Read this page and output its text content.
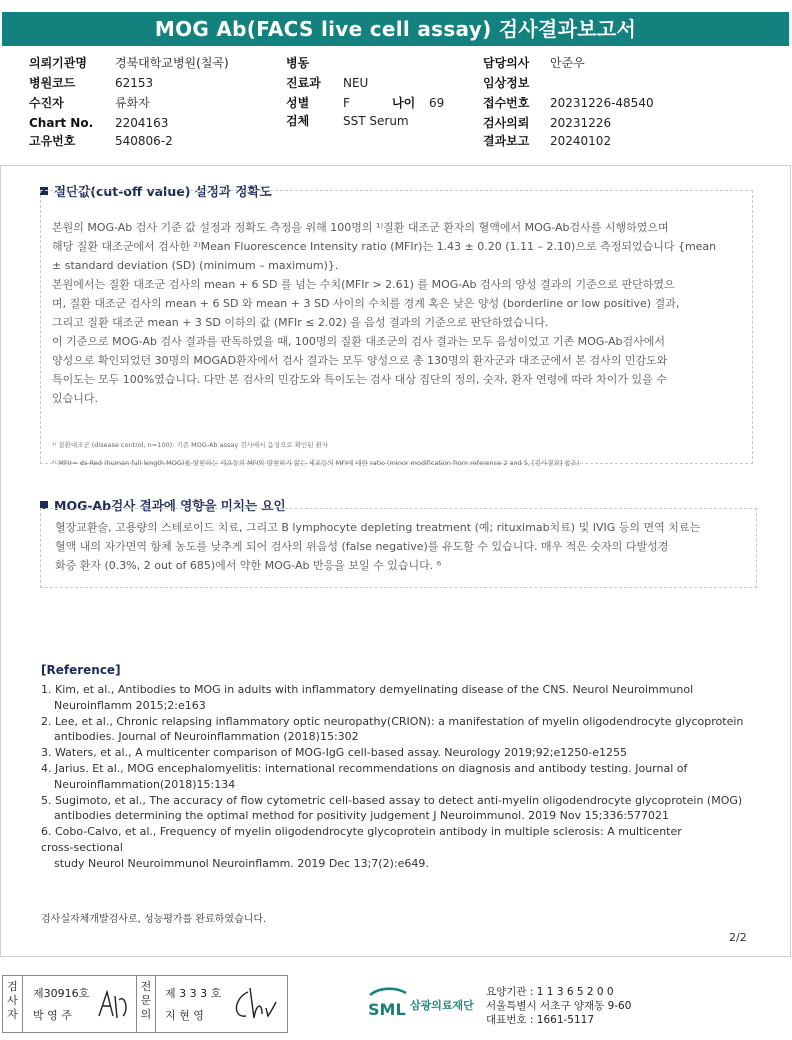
MOG Ab(FACS live cell assay) 검사결과보고서
의뢰기관명 경북대학교병원(칠곡)
병원코드	62153
수진자	류화자
Chart No. 2204163
고유번호	540806-2
병동
진료과 NEU
성별	F
검체	SST Serum
담당의사 안준우
임상정보
접수번호 20231226-48540
검사의뢰 20231226
결과보고 20240102
나이 69
절단값(cut-off value) 설정과 정확도

본원의 MOG-Ab 검사 기준 값 설정과 정확도 측정을 위해 100명의 ¹⁾질환 대조군 환자의 혈액에서 MOG-Ab검사를 시행하였으며

해당 질환 대조군에서 검사한 ²⁾Mean Fluorescence Intensity ratio (MFIr)는 1.43 ± 0.20 (1.11 – 2.10)으로 측정되었습니다 {mean

± standard deviation (SD) (minimum – maximum)}.

본원에서는 질환 대조군 검사의 mean + 6 SD 를 넘는 수치(MFIr > 2.61) 를 MOG-Ab 검사의 양성 결과의 기준으로 판단하였으

며, 질환 대조군 검사의 mean + 6 SD 와 mean + 3 SD 사이의 수치를 경계 혹은 낮은 양성 (borderline or low positive) 결과,

그리고 질환 대조군 mean + 3 SD 이하의 값 (MFIr ≤ 2.02) 을 음성 결과의 기준으로 판단하였습니다.

이 기준으로 MOG-Ab 검사 결과를 판독하였을 때, 100명의 질환 대조군의 검사 결과는 모두 음성이었고 기존 MOG-Ab검사에서

양성으로 확인되었던 30명의 MOGAD환자에서 검사 결과는 모두 양성으로 총 130명의 환자군과 대조군에서 본 검사의 민감도와

특이도는 모두 100%였습니다. 다만 본 검사의 민감도와 특이도는 검사 대상 집단의 정의, 숫자, 환자 연령에 따라 차이가 있을 수

있습니다.

¹⁾ 질환대조군 (disease control, n=100): 기존 MOG-Ab assay 검사에서 음성으로 확인된 환자

²⁾ MFIr= ds-Red (human full length MOG)를 발현하는 세포등의 MFI와 발현하지 않는 세포등의 MFI에 대한 ratio (minor modification from reference 2 and 5, [검사결과] 참조)

MOG-Ab검사 결과에 영향을 미치는 요인

혈장교환술, 고용량의 스테로이드 치료, 그리고 B lymphocyte depleting treatment (예; rituximab치료) 및 IVIG 등의 면역 치료는

혈액 내의 자가면역 항체 농도를 낮추게 되어 검사의 위음성 (false negative)를 유도할 수 있습니다. 매우 적은 숫자의 다발성경

화증 환자 (0.3%, 2 out of 685)에서 약한 MOG-Ab 반응을 보일 수 있습니다. ⁶

[Reference]
1. Kim, et al., Antibodies to MOG in adults with inflammatory demyelinating disease of the CNS. Neurol Neuroimmunol
Neuroinflamm 2015;2:e163
2. Lee, et al., Chronic relapsing inflammatory optic neuropathy(CRION): a manifestation of myelin oligodendrocyte glycoprotein
antibodies. Journal of Neuroinflammation (2018)15:302
3. Waters, et al., A multicenter comparison of MOG-IgG cell-based assay. Neurology 2019;92;e1250-e1255
4. Jarius. Et al., MOG encephalomyelitis: international recommendations on diagnosis and antibody testing. Journal of
Neuroinflammation(2018)15:134
5. Sugimoto, et al., The accuracy of flow cytometric cell-based assay to detect anti-myelin oligodendrocyte glycoprotein (MOG)
antibodies determining the optimal method for positivity judgement J Neuroimmunol. 2019 Nov 15;336:577021
6. Cobo-Calvo, et al., Frequency of myelin oligodendrocyte glycoprotein antibody in multiple sclerosis: A multicenter
cross-sectional
study Neurol Neuroimmunol Neuroinflamm. 2019 Dec 13;7(2):e649.
검사실자체개발검사로, 성능평가를 완료하였습니다.
2/2
검사자
제30916호
박 영 주
전문의
제 3 3 3 호
지 현 영	SML 삼광의료재단
요양기관 : 1 1 3 6 5 2 0 0
서울특별시 서초구 양재동 9-60
대표번호 : 1661-5117
